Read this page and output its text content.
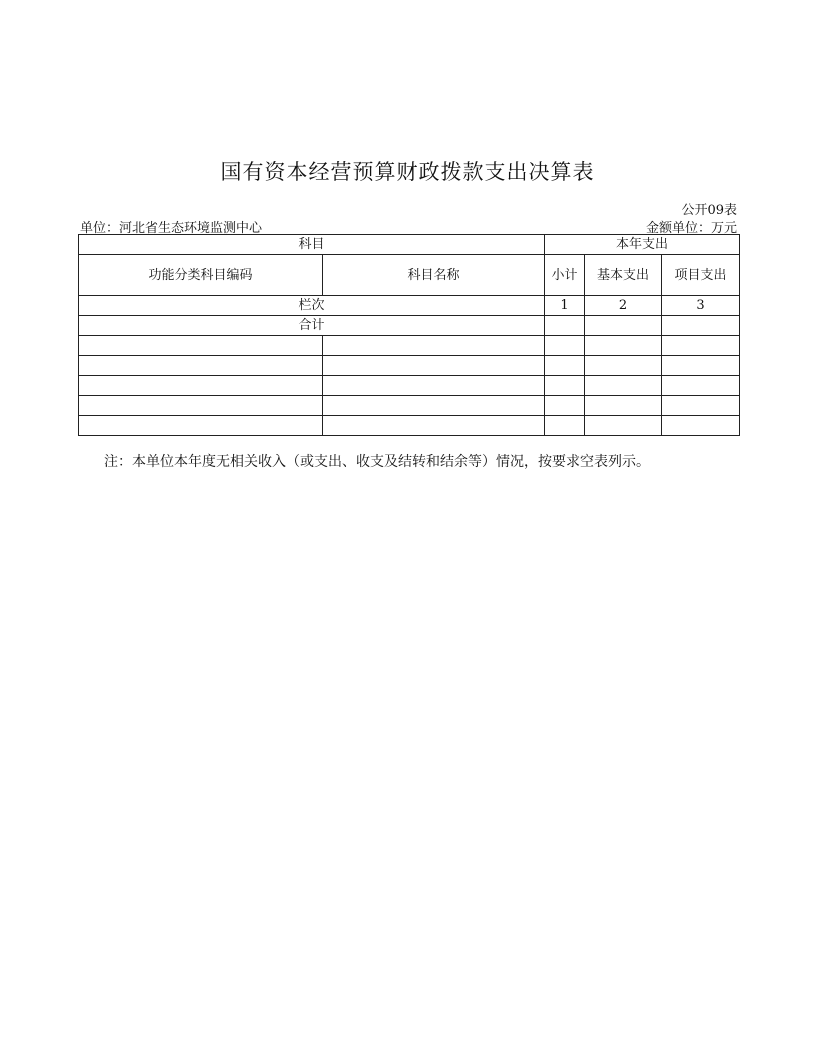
国有资本经营预算财政拨款支出决算表
公开09表
单位：河北省生态环境监测中心	金额单位：万元
科目		本年支出		
功能分类科目编码	科目名称	小计	基本支出	项目支出
栏次		1	2	3
合计				

注：本单位本年度无相关收入（或支出、收支及结转和结余等）情况，按要求空表列示。
